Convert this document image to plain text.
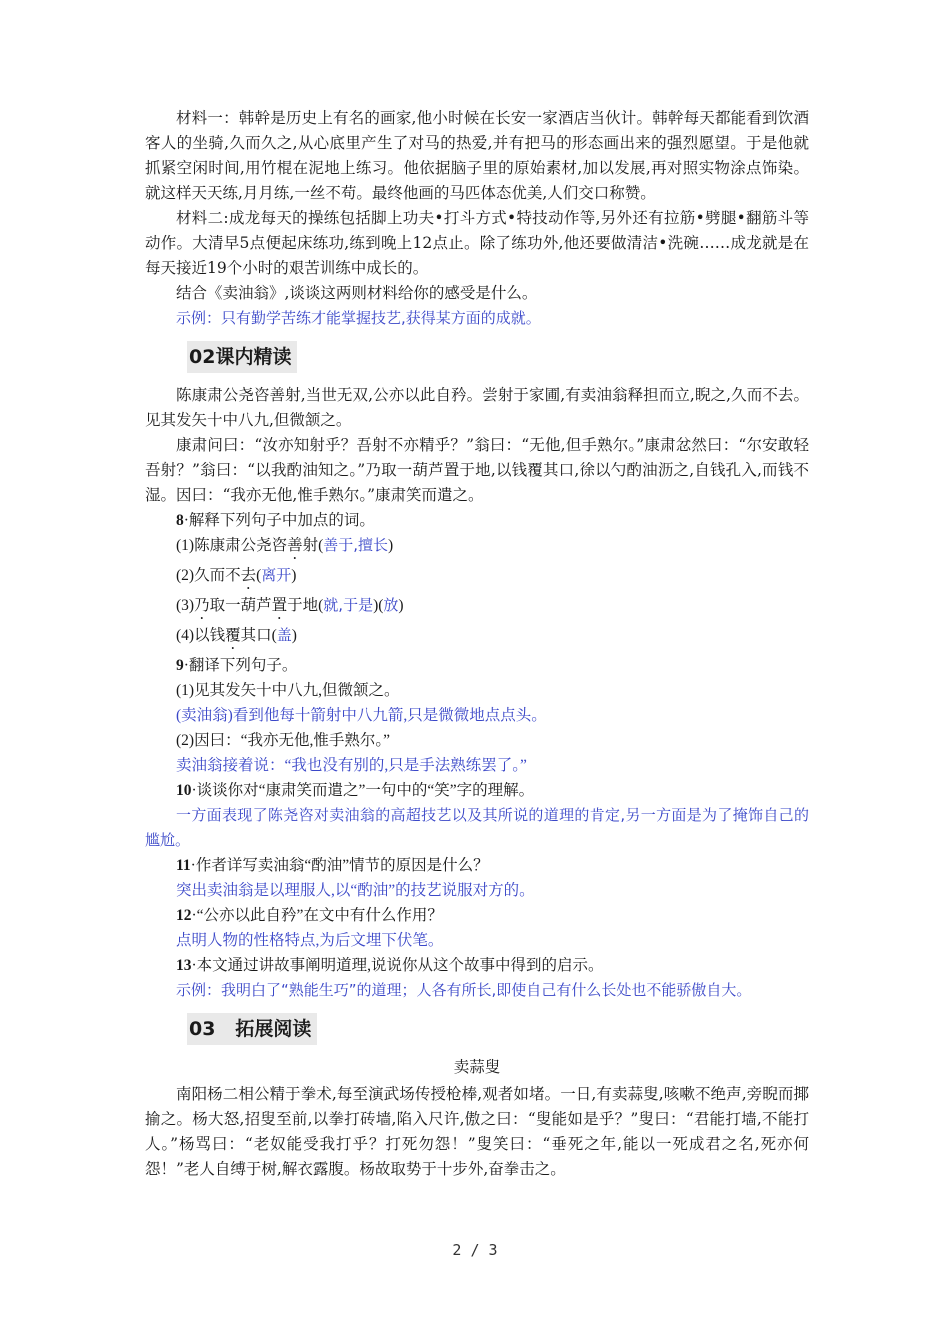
材料一：韩幹是历史上有名的画家,他小时候在长安一家酒店当伙计。韩幹每天都能看到饮酒客人的坐骑,久而久之,从心底里产生了对马的热爱,并有把马的形态画出来的强烈愿望。于是他就抓紧空闲时间,用竹棍在泥地上练习。他依据脑子里的原始素材,加以发展,再对照实物涂点饰染。就这样天天练,月月练,一丝不苟。最终他画的马匹体态优美,人们交口称赞。

材料二:成龙每天的操练包括脚上功夫•打斗方式•特技动作等,另外还有拉筋•劈腿•翻筋斗等动作。大清早5点便起床练功,练到晚上12点止。除了练功外,他还要做清洁•洗碗……成龙就是在每天接近19个小时的艰苦训练中成长的。

结合《卖油翁》,谈谈这两则材料给你的感受是什么。

示例：只有勤学苦练才能掌握技艺,获得某方面的成就。

02课内精读

陈康肃公尧咨善射,当世无双,公亦以此自矜。尝射于家圃,有卖油翁释担而立,睨之,久而不去。见其发矢十中八九,但微颔之。

康肃问曰：“汝亦知射乎？吾射不亦精乎？”翁曰：“无他,但手熟尔。”康肃忿然曰：“尔安敢轻吾射？”翁曰：“以我酌油知之。”乃取一葫芦置于地,以钱覆其口,徐以勺酌油沥之,自钱孔入,而钱不湿。因曰：“我亦无他,惟手熟尔。”康肃笑而遣之。

8·解释下列句子中加点的词。

(1)陈康肃公尧咨善射(善于,擅长)

(2)久而不去(离开)

(3)乃取一葫芦置于地(就,于是)(放)

(4)以钱覆其口(盖)

9·翻译下列句子。

(1)见其发矢十中八九,但微颔之。

(卖油翁)看到他每十箭射中八九箭,只是微微地点点头。

(2)因曰：“我亦无他,惟手熟尔。”

卖油翁接着说：“我也没有别的,只是手法熟练罢了。”

10·谈谈你对“康肃笑而遣之”一句中的“笑”字的理解。

一方面表现了陈尧咨对卖油翁的高超技艺以及其所说的道理的肯定,另一方面是为了掩饰自己的尴尬。

11·作者详写卖油翁“酌油”情节的原因是什么？

突出卖油翁是以理服人,以“酌油”的技艺说服对方的。

12·“公亦以此自矜”在文中有什么作用？

点明人物的性格特点,为后文埋下伏笔。

13·本文通过讲故事阐明道理,说说你从这个故事中得到的启示。

示例：我明白了“熟能生巧”的道理；人各有所长,即使自己有什么长处也不能骄傲自大。

03 拓展阅读

卖蒜叟

南阳杨二相公精于拳术,每至演武场传授枪棒,观者如堵。一日,有卖蒜叟,咳嗽不绝声,旁睨而揶揄之。杨大怒,招叟至前,以拳打砖墙,陷入尺许,傲之曰：“叟能如是乎？”叟曰：“君能打墙,不能打人。”杨骂曰：“老奴能受我打乎？打死勿怨！”叟笑曰：“垂死之年,能以一死成君之名,死亦何怨！”老人自缚于树,解衣露腹。杨故取势于十步外,奋拳击之。

2 / 3
